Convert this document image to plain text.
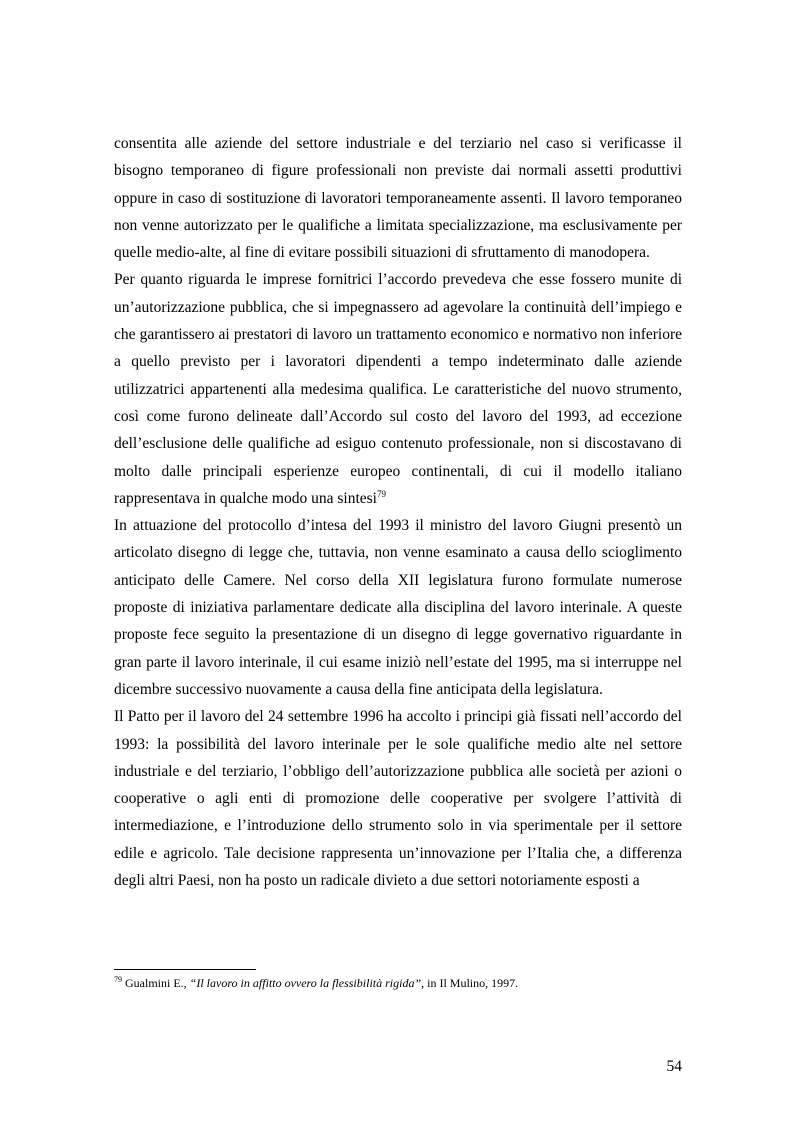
consentita alle aziende del settore industriale e del terziario nel caso si verificasse il bisogno temporaneo di figure professionali non previste dai normali assetti produttivi oppure in caso di sostituzione di lavoratori temporaneamente assenti. Il lavoro temporaneo non venne autorizzato per le qualifiche a limitata specializzazione, ma esclusivamente per quelle medio-alte, al fine di evitare possibili situazioni di sfruttamento di manodopera.

Per quanto riguarda le imprese fornitrici l’accordo prevedeva che esse fossero munite di un’autorizzazione pubblica, che si impegnassero ad agevolare la continuità dell’impiego e che garantissero ai prestatori di lavoro un trattamento economico e normativo non inferiore a quello previsto per i lavoratori dipendenti a tempo indeterminato dalle aziende utilizzatrici appartenenti alla medesima qualifica. Le caratteristiche del nuovo strumento, così come furono delineate dall’Accordo sul costo del lavoro del 1993, ad eccezione dell’esclusione delle qualifiche ad esiguo contenuto professionale, non si discostavano di molto dalle principali esperienze europeo continentali, di cui il modello italiano rappresentava in qualche modo una sintesi$^{79}$

In attuazione del protocollo d’intesa del 1993 il ministro del lavoro Giugni presentò un articolato disegno di legge che, tuttavia, non venne esaminato a causa dello scioglimento anticipato delle Camere. Nel corso della XII legislatura furono formulate numerose proposte di iniziativa parlamentare dedicate alla disciplina del lavoro interinale. A queste proposte fece seguito la presentazione di un disegno di legge governativo riguardante in gran parte il lavoro interinale, il cui esame iniziò nell’estate del 1995, ma si interruppe nel dicembre successivo nuovamente a causa della fine anticipata della legislatura.

Il Patto per il lavoro del 24 settembre 1996 ha accolto i principi già fissati nell’accordo del 1993: la possibilità del lavoro interinale per le sole qualifiche medio alte nel settore industriale e del terziario, l’obbligo dell’autorizzazione pubblica alle società per azioni o cooperative o agli enti di promozione delle cooperative per svolgere l’attività di intermediazione, e l’introduzione dello strumento solo in via sperimentale per il settore edile e agricolo. Tale decisione rappresenta un’innovazione per l’Italia che, a differenza degli altri Paesi, non ha posto un radicale divieto a due settori notoriamente esposti a

$^{79}$ Gualmini E., “Il lavoro in affitto ovvero la flessibilità rigida”, in Il Mulino, 1997.
54
